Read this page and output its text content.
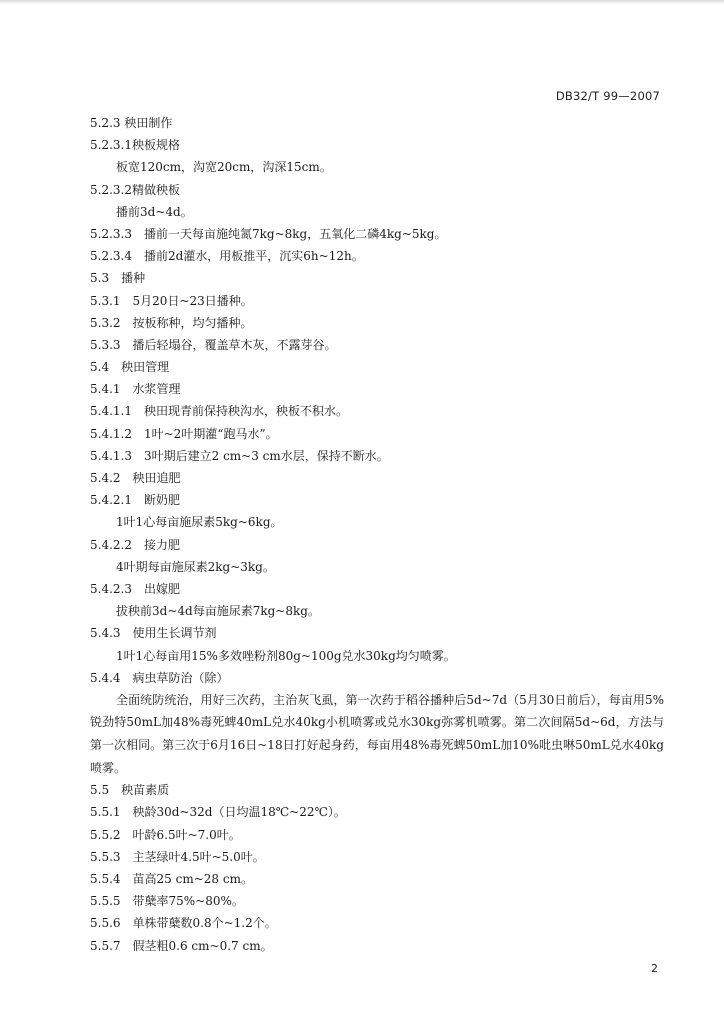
DB32/T 99—2007
5.2.3 秧田制作
5.2.3.1秧板规格
板宽120cm，沟宽20cm，沟深15cm。
5.2.3.2精做秧板
播前3d~4d。
5.2.3.3　播前一天每亩施纯氮7kg~8kg，五氧化二磷4kg~5kg。
5.2.3.4　播前2d灌水，用板推平，沉实6h~12h。
5.3　播种
5.3.1　5月20日~23日播种。
5.3.2　按板称种，均匀播种。
5.3.3　播后轻塌谷，覆盖草木灰，不露芽谷。
5.4　秧田管理
5.4.1　水浆管理
5.4.1.1　秧田现青前保持秧沟水，秧板不积水。
5.4.1.2　1叶~2叶期灌“跑马水”。
5.4.1.3　3叶期后建立2 cm~3 cm水层，保持不断水。
5.4.2　秧田追肥
5.4.2.1　断奶肥
1叶1心每亩施尿素5kg~6kg。
5.4.2.2　接力肥
4叶期每亩施尿素2kg~3kg。
5.4.2.3　出嫁肥
拔秧前3d~4d每亩施尿素7kg~8kg。
5.4.3　使用生长调节剂
1叶1心每亩用15%多效唑粉剂80g~100g兑水30kg均匀喷雾。
5.4.4　病虫草防治（除）
全面统防统治，用好三次药，主治灰飞虱，第一次药于稻谷播种后5d~7d（5月30日前后），每亩用5%锐劲特50mL加48%毒死蜱40mL兑水40kg小机喷雾或兑水30kg弥雾机喷雾。第二次间隔5d~6d，方法与第一次相同。第三次于6月16日~18日打好起身药，每亩用48%毒死蜱50mL加10%吡虫啉50mL兑水40kg喷雾。
5.5　秧苗素质
5.5.1　秧龄30d~32d（日均温18℃~22℃）。
5.5.2　叶龄6.5叶~7.0叶。
5.5.3　主茎绿叶4.5叶~5.0叶。
5.5.4　苗高25 cm~28 cm。
5.5.5　带蘖率75%~80%。
5.5.6　单株带蘖数0.8个~1.2个。
5.5.7　假茎粗0.6 cm~0.7 cm。
2
